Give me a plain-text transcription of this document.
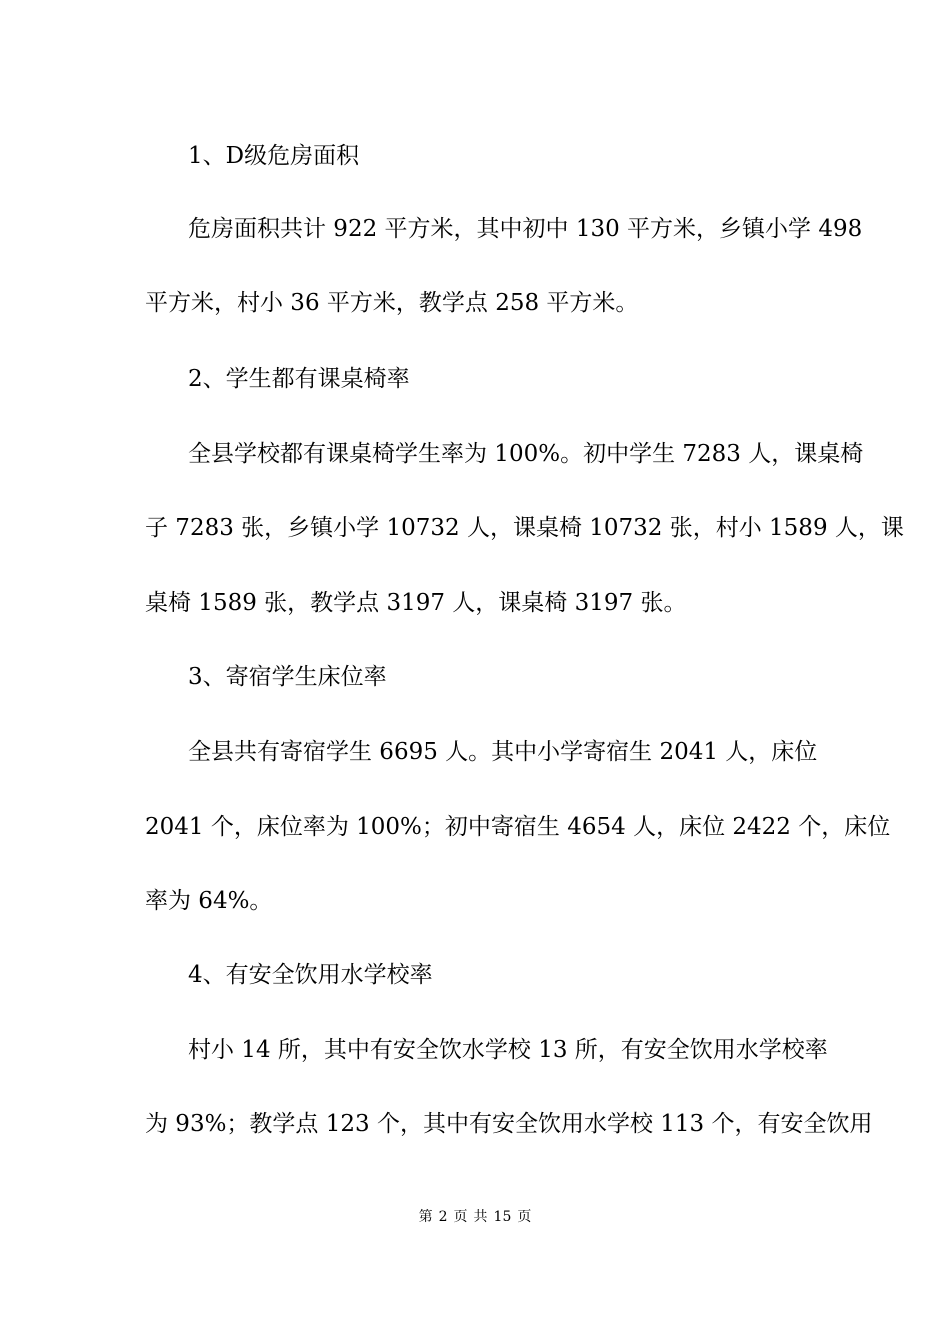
1、D级危房面积
危房面积共计 922 平方米，其中初中 130 平方米，乡镇小学 498
平方米，村小 36 平方米，教学点 258 平方米。
2、学生都有课桌椅率
全县学校都有课桌椅学生率为 100%。初中学生 7283 人，课桌椅
子 7283 张，乡镇小学 10732 人，课桌椅 10732 张，村小 1589 人，课
桌椅 1589 张，教学点 3197 人，课桌椅 3197 张。
3、寄宿学生床位率
全县共有寄宿学生 6695 人。其中小学寄宿生 2041 人，床位
2041 个，床位率为 100%；初中寄宿生 4654 人，床位 2422 个，床位
率为 64%。
4、有安全饮用水学校率
村小 14 所，其中有安全饮水学校 13 所，有安全饮用水学校率
为 93%；教学点 123 个，其中有安全饮用水学校 113 个，有安全饮用
第 2 页 共 15 页
